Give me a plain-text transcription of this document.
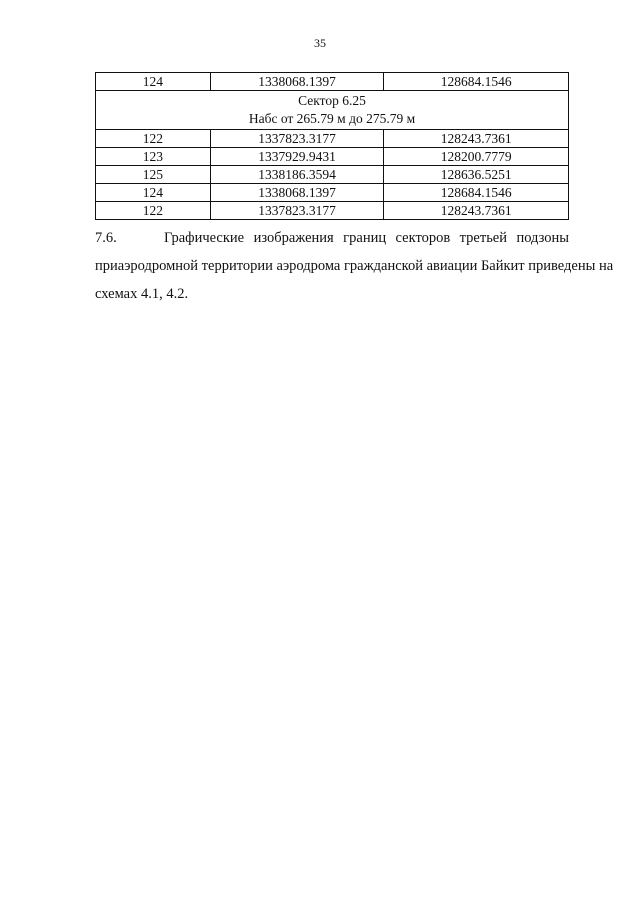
35
124	1338068.1397	128684.1546

Сектор 6.25
Набс от 265.79 м до 275.79 м		

122	1337823.3177	128243.7361
123	1337929.9431	128200.7779
125	1338186.3594	128636.5251
124	1338068.1397	128684.1546
122	1337823.3177	128243.7361
7.6.	Графические изображения границ секторов третьей подзоны
приаэродромной территории аэродрома гражданской авиации Байкит приведены на
схемах 4.1, 4.2.
